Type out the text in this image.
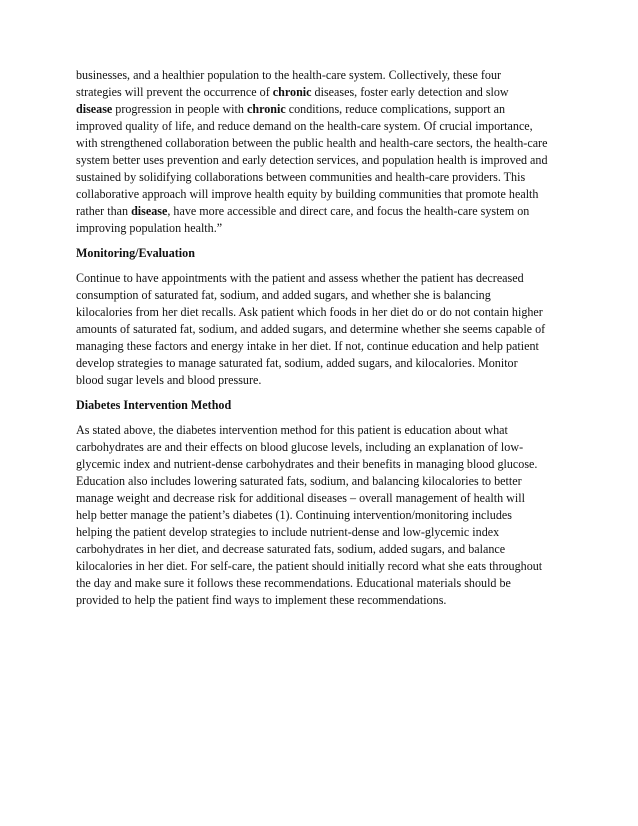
businesses, and a healthier population to the health-care system. Collectively, these four
strategies will prevent the occurrence of chronic diseases, foster early detection and slow
disease progression in people with chronic conditions, reduce complications, support an
improved quality of life, and reduce demand on the health-care system. Of crucial importance,
with strengthened collaboration between the public health and health-care sectors, the health-care
system better uses prevention and early detection services, and population health is improved and
sustained by solidifying collaborations between communities and health-care providers. This
collaborative approach will improve health equity by building communities that promote health
rather than disease, have more accessible and direct care, and focus the health-care system on
improving population health.”
Monitoring/Evaluation
Continue to have appointments with the patient and assess whether the patient has decreased
consumption of saturated fat, sodium, and added sugars, and whether she is balancing
kilocalories from her diet recalls. Ask patient which foods in her diet do or do not contain higher
amounts of saturated fat, sodium, and added sugars, and determine whether she seems capable of
managing these factors and energy intake in her diet. If not, continue education and help patient
develop strategies to manage saturated fat, sodium, added sugars, and kilocalories. Monitor
blood sugar levels and blood pressure.
Diabetes Intervention Method
As stated above, the diabetes intervention method for this patient is education about what
carbohydrates are and their effects on blood glucose levels, including an explanation of low-
glycemic index and nutrient-dense carbohydrates and their benefits in managing blood glucose.
Education also includes lowering saturated fats, sodium, and balancing kilocalories to better
manage weight and decrease risk for additional diseases – overall management of health will
help better manage the patient’s diabetes (1). Continuing intervention/monitoring includes
helping the patient develop strategies to include nutrient-dense and low-glycemic index
carbohydrates in her diet, and decrease saturated fats, sodium, added sugars, and balance
kilocalories in her diet. For self-care, the patient should initially record what she eats throughout
the day and make sure it follows these recommendations. Educational materials should be
provided to help the patient find ways to implement these recommendations.
